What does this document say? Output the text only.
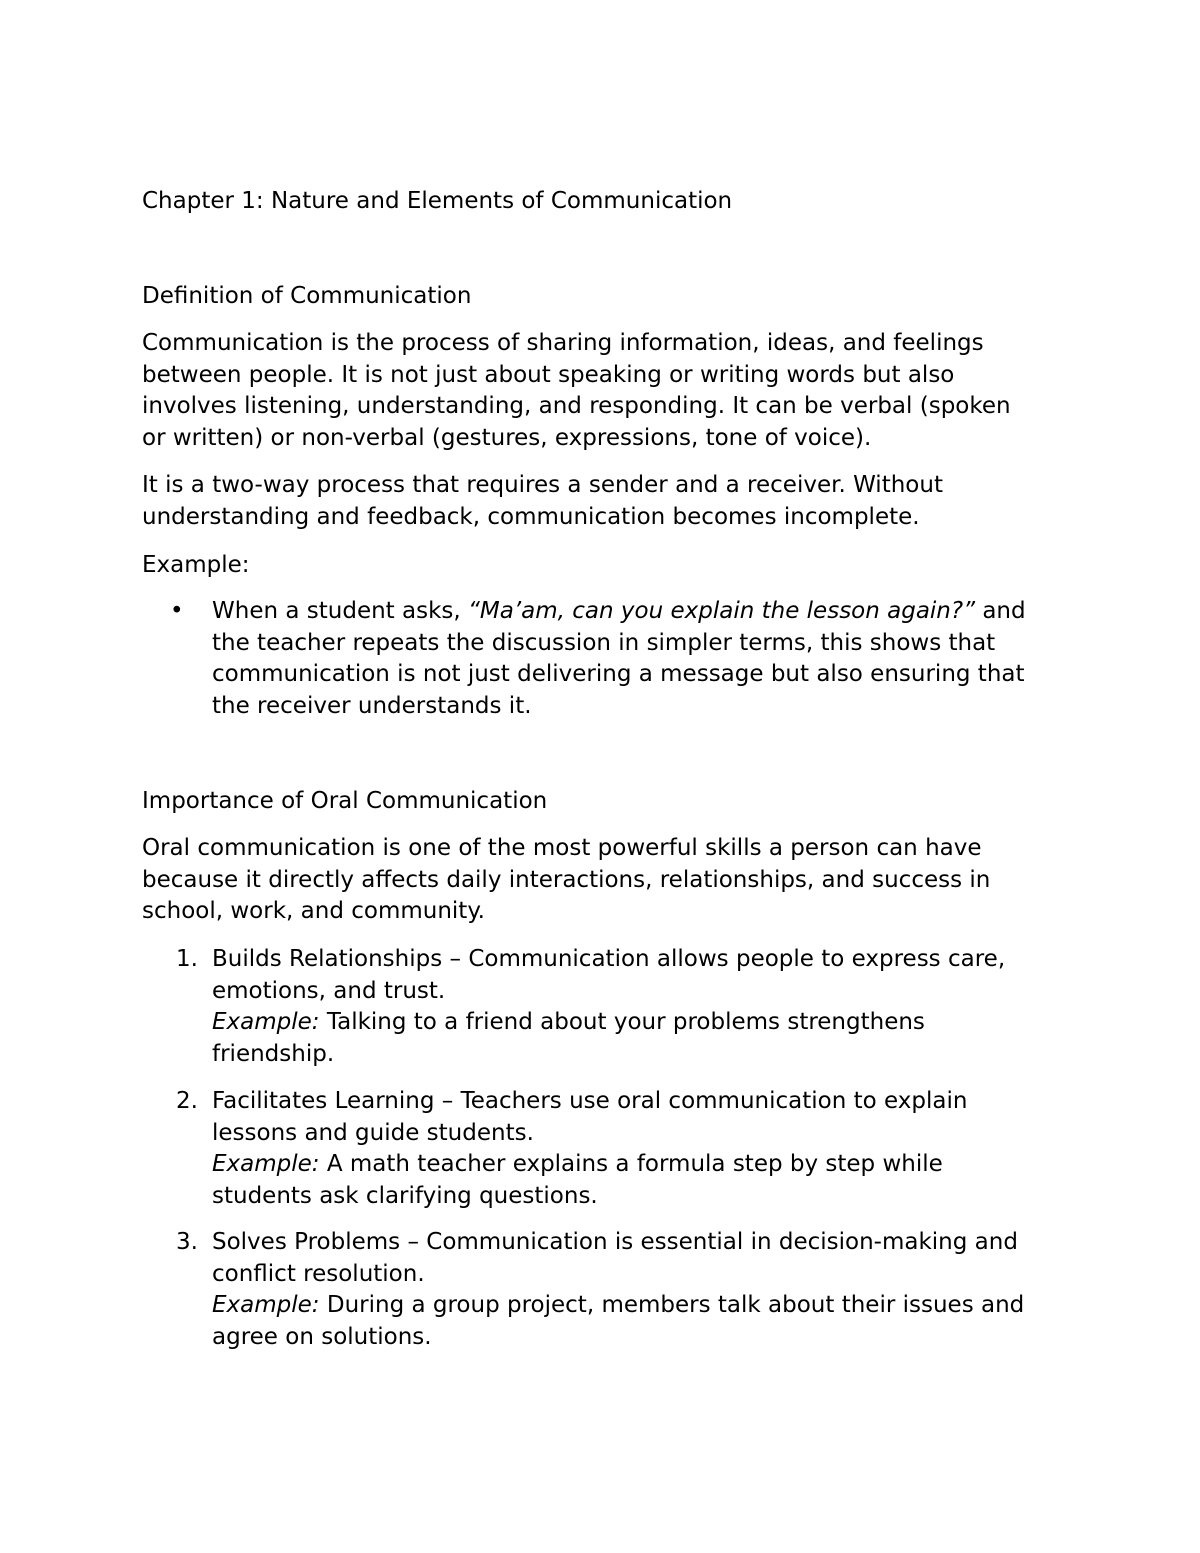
Chapter 1: Nature and Elements of Communication

Definition of Communication

Communication is the process of sharing information, ideas, and feelings between people. It is not just about speaking or writing words but also involves listening, understanding, and responding. It can be verbal (spoken or written) or non-verbal (gestures, expressions, tone of voice).

It is a two-way process that requires a sender and a receiver. Without understanding and feedback, communication becomes incomplete.

Example:

• When a student asks, “Ma’am, can you explain the lesson again?” and the teacher repeats the discussion in simpler terms, this shows that communication is not just delivering a message but also ensuring that the receiver understands it.

Importance of Oral Communication

Oral communication is one of the most powerful skills a person can have because it directly affects daily interactions, relationships, and success in school, work, and community.

1. Builds Relationships – Communication allows people to express care, emotions, and trust.

Example: Talking to a friend about your problems strengthens friendship.

2. Facilitates Learning – Teachers use oral communication to explain lessons and guide students.

Example: A math teacher explains a formula step by step while students ask clarifying questions.

3. Solves Problems – Communication is essential in decision-making and conflict resolution.

Example: During a group project, members talk about their issues and agree on solutions.
